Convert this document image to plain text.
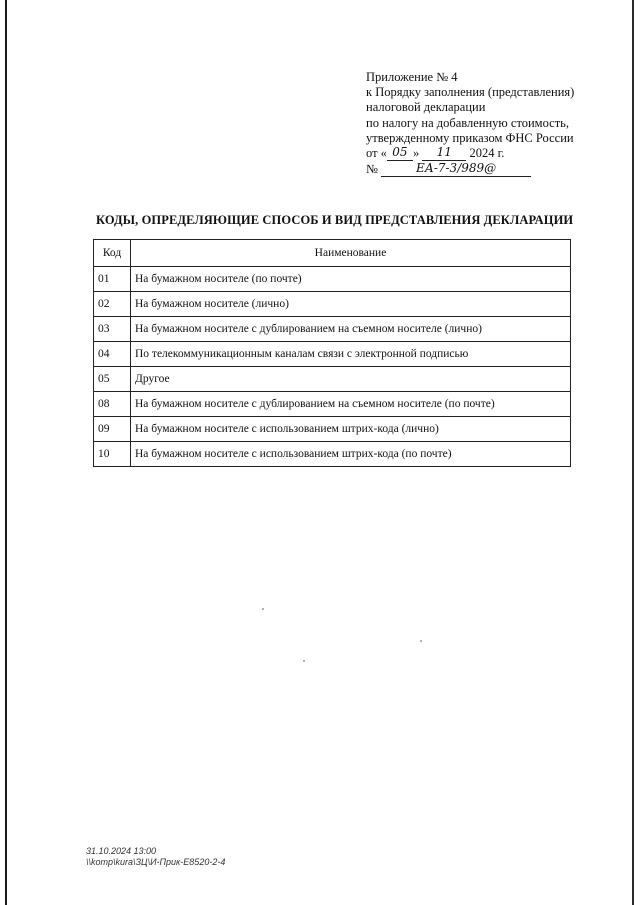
Приложение № 4
к Порядку заполнения (представления)
налоговой декларации
по налогу на добавленную стоимость,
утвержденному приказом ФНС России
от « 05 » 11 2024 г.
№	ЕА-7-3/989@
КОДЫ, ОПРЕДЕЛЯЮЩИЕ СПОСОБ И ВИД ПРЕДСТАВЛЕНИЯ ДЕКЛАРАЦИИ
Код	Наименование
01	На бумажном носителе (по почте)
02	На бумажном носителе (лично)
03	На бумажном носителе с дублированием на съемном носителе (лично)
04	По телекоммуникационным каналам связи с электронной подписью
05	Другое
08	На бумажном носителе с дублированием на съемном носителе (по почте)
09	На бумажном носителе с использованием штрих-кода (лично)
10	На бумажном носителе с использованием штрих-кода (по почте)
31.10.2024 13:00
\\komp\kura\ЗЦ\И-Прик-Е8520-2-4
